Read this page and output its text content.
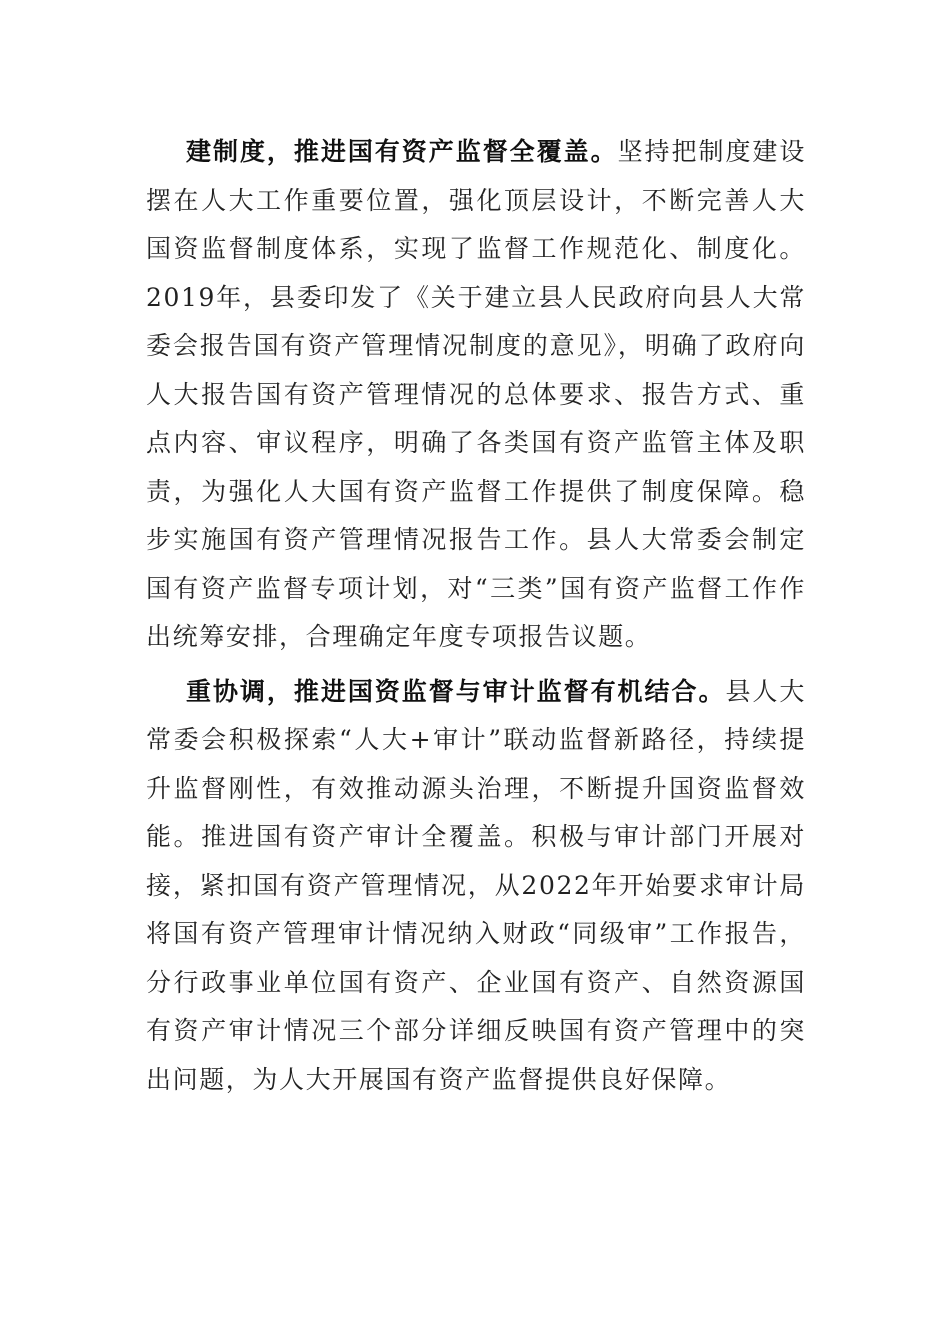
建制度，推进国有资产监督全覆盖。坚持把制度建设摆在人大工作重要位置，强化顶层设计，不断完善人大国资监督制度体系，实现了监督工作规范化、制度化。2019年，县委印发了《关于建立县人民政府向县人大常委会报告国有资产管理情况制度的意见》，明确了政府向人大报告国有资产管理情况的总体要求、报告方式、重点内容、审议程序，明确了各类国有资产监管主体及职责，为强化人大国有资产监督工作提供了制度保障。稳步实施国有资产管理情况报告工作。县人大常委会制定国有资产监督专项计划，对“三类”国有资产监督工作作出统筹安排，合理确定年度专项报告议题。

重协调，推进国资监督与审计监督有机结合。县人大常委会积极探索“人大+审计”联动监督新路径，持续提升监督刚性，有效推动源头治理，不断提升国资监督效能。推进国有资产审计全覆盖。积极与审计部门开展对接，紧扣国有资产管理情况，从2022年开始要求审计局将国有资产管理审计情况纳入财政“同级审”工作报告，分行政事业单位国有资产、企业国有资产、自然资源国有资产审计情况三个部分详细反映国有资产管理中的突出问题，为人大开展国有资产监督提供良好保障。
